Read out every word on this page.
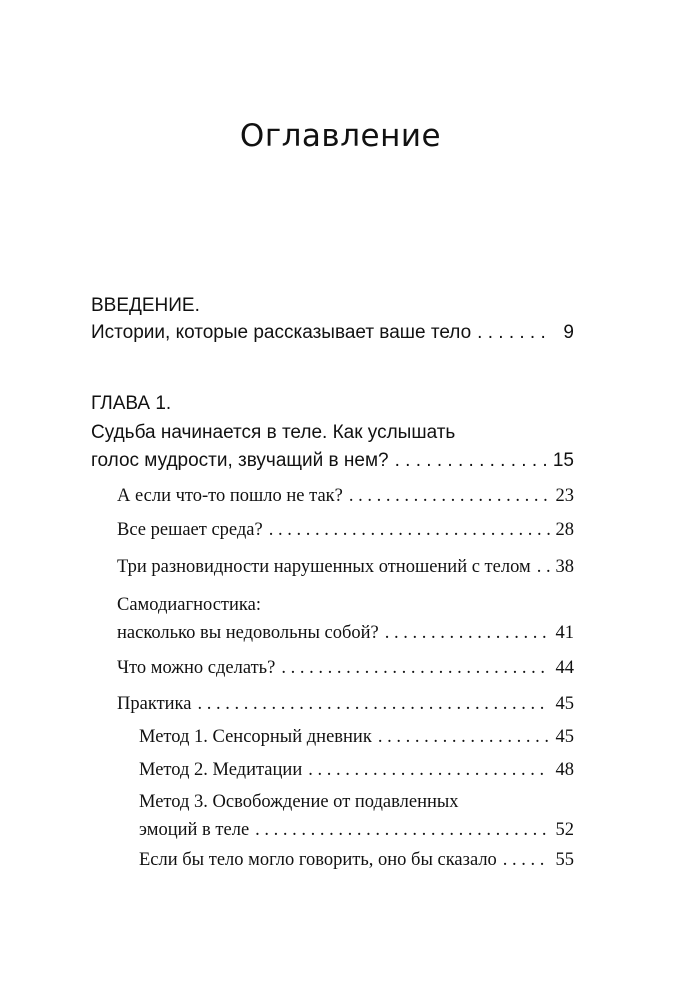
Оглавление
ВВЕДЕНИЕ.
Истории, которые рассказывает ваше тело . . .	9
ГЛАВА 1.
Судьба начинается в теле. Как услышать
голос мудрости, звучащий в нем? . . .	15
А если что-то пошло не так? . . .	23
Все решает среда? . . .	28
Три разновидности нарушенных отношений с телом . . . 38
Самодиагностика:
насколько вы недовольны собой? . . .	41
Что можно сделать? . . .	44
Практика . . .	45
Метод 1. Сенсорный дневник . . .	45
Метод 2. Медитации . . .	48
Метод 3. Освобождение от подавленных
эмоций в теле . . .	52
Если бы тело могло говорить, оно бы сказало . . .	55
